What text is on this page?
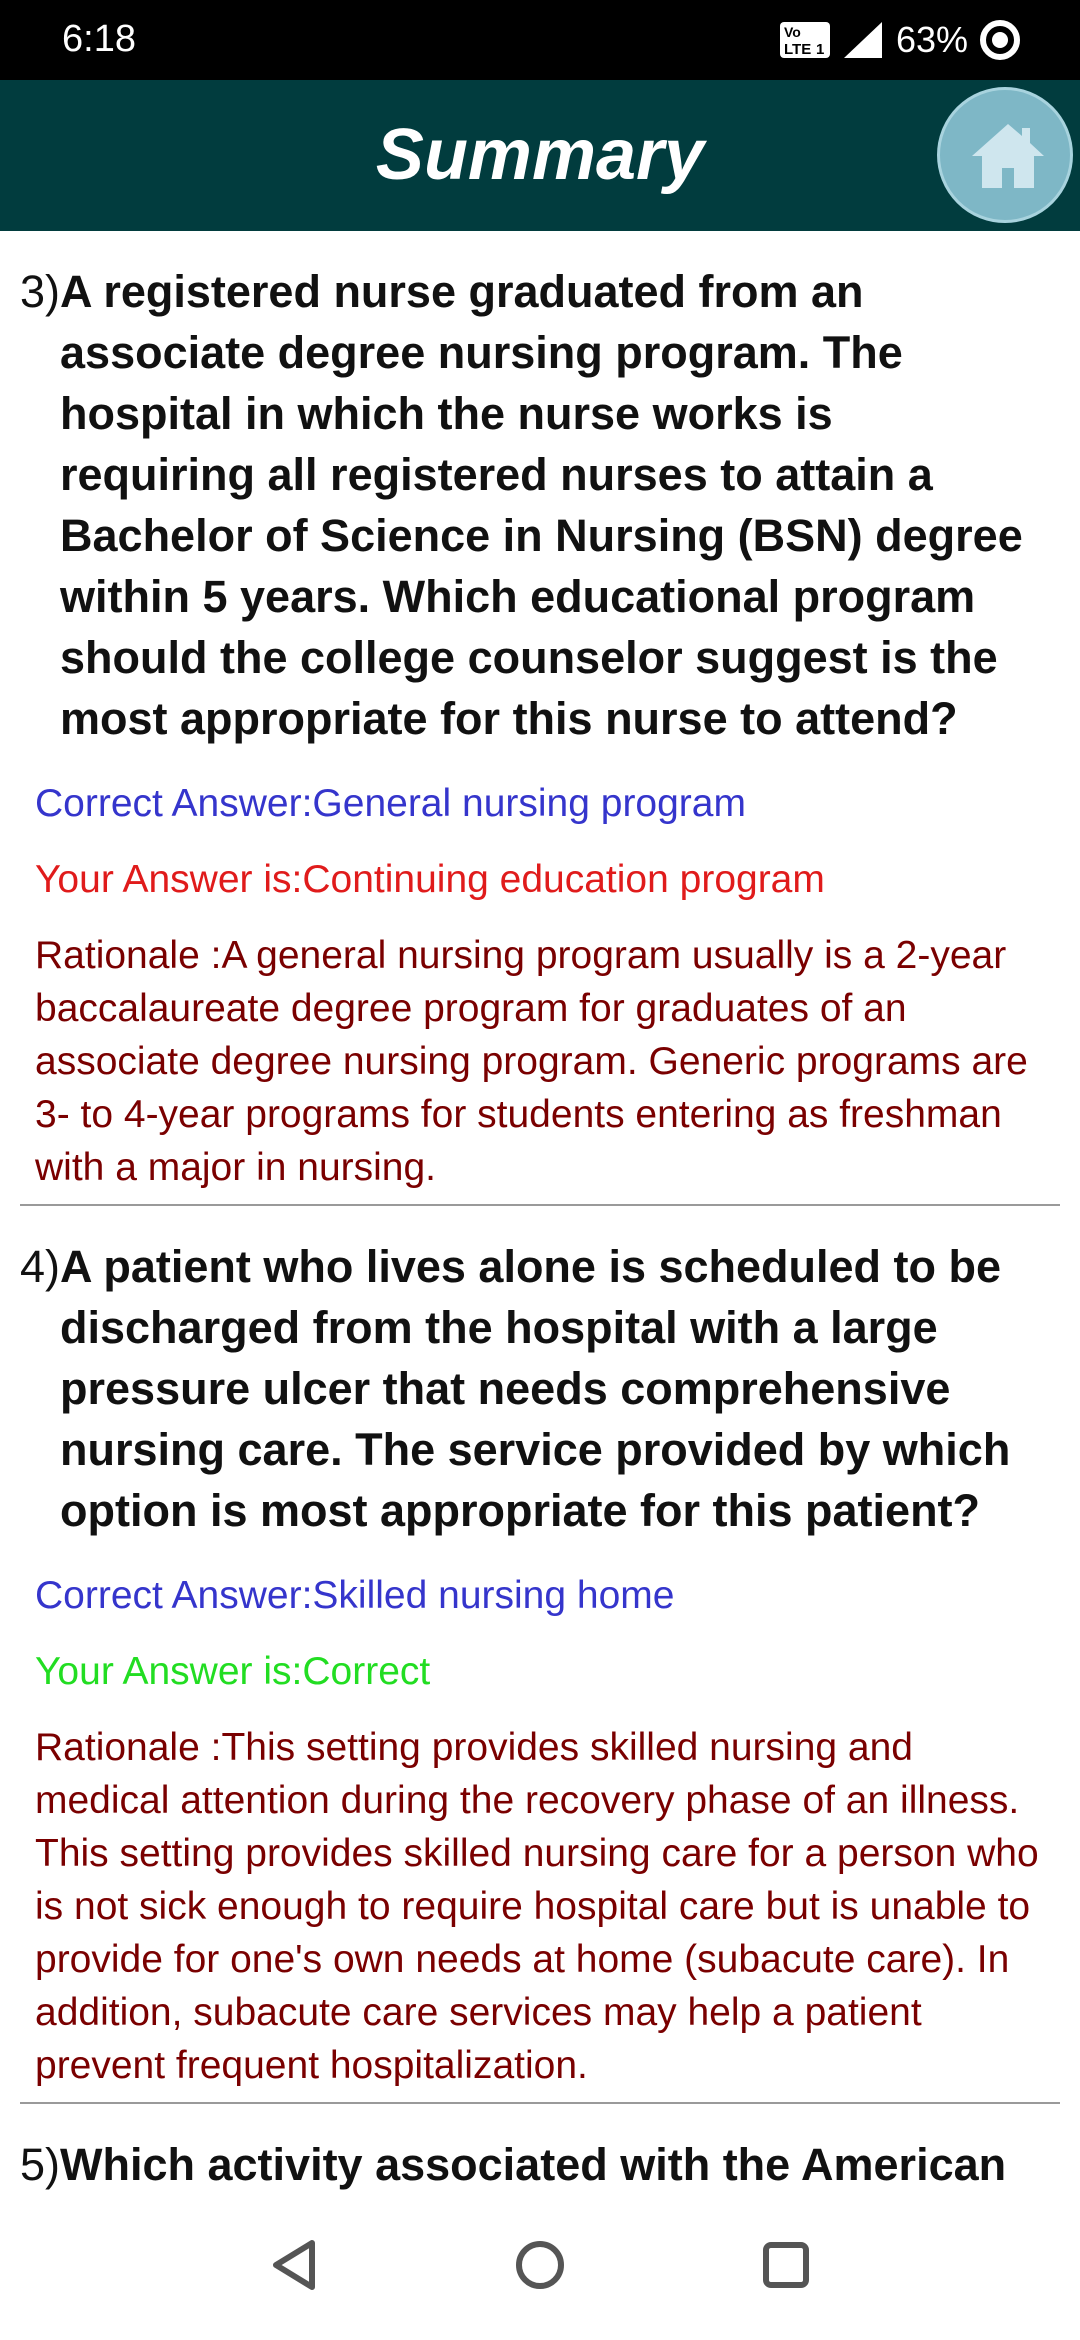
6:18	Vo
LTE 1 63%
Summary
3) A registered nurse graduated from an associate degree nursing program. The hospital in which the nurse works is requiring all registered nurses to attain a Bachelor of Science in Nursing (BSN) degree within 5 years. Which educational program should the college counselor suggest is the most appropriate for this nurse to attend?
Correct Answer:General nursing program
Your Answer is:Continuing education program
Rationale :A general nursing program usually is a 2-year baccalaureate degree program for graduates of an associate degree nursing program. Generic programs are 3- to 4-year programs for students entering as freshman with a major in nursing.
4) A patient who lives alone is scheduled to be discharged from the hospital with a large pressure ulcer that needs comprehensive nursing care. The service provided by which option is most appropriate for this patient?
Correct Answer:Skilled nursing home
Your Answer is:Correct
Rationale :This setting provides skilled nursing and medical attention during the recovery phase of an illness. This setting provides skilled nursing care for a person who is not sick enough to require hospital care but is unable to provide for one's own needs at home (subacute care). In addition, subacute care services may help a patient prevent frequent hospitalization.
5) Which activity associated with the American
